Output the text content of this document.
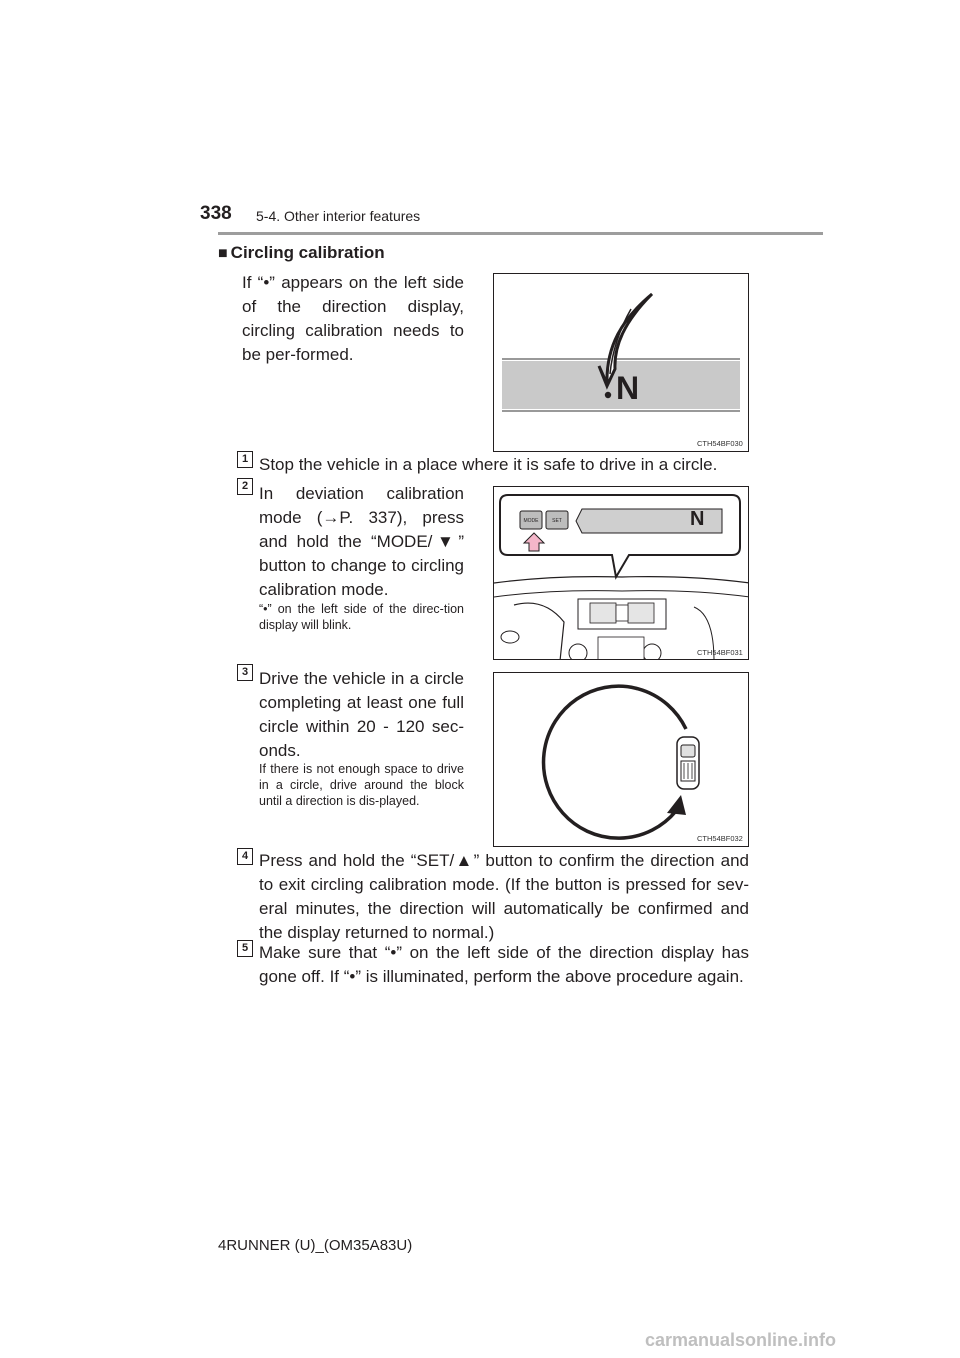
338 5-4. Other interior features
■ Circling calibration
If “•” appears on the left side of the direction display, circling calibration needs to be per-formed.
N
CTH54BF030
1 Stop the vehicle in a place where it is safe to drive in a circle.
2 In deviation calibration mode (→P. 337), press and hold the “MODE/▼” button to change to circling calibration mode.
“•” on the left side of the direc-tion display will blink.
MODE	SET	N
CTH54BF031
3 Drive the vehicle in a circle completing at least one full circle within 20 - 120 sec-onds.
If there is not enough space to drive in a circle, drive around the block until a direction is dis-played.
CTH54BF032
4 Press and hold the “SET/▲” button to confirm the direction and to exit circling calibration mode. (If the button is pressed for sev-eral minutes, the direction will automatically be confirmed and the display returned to normal.)
5 Make sure that “•” on the left side of the direction display has gone off. If “•” is illuminated, perform the above procedure again.
4RUNNER (U)_(OM35A83U)
carmanualsonline.info
